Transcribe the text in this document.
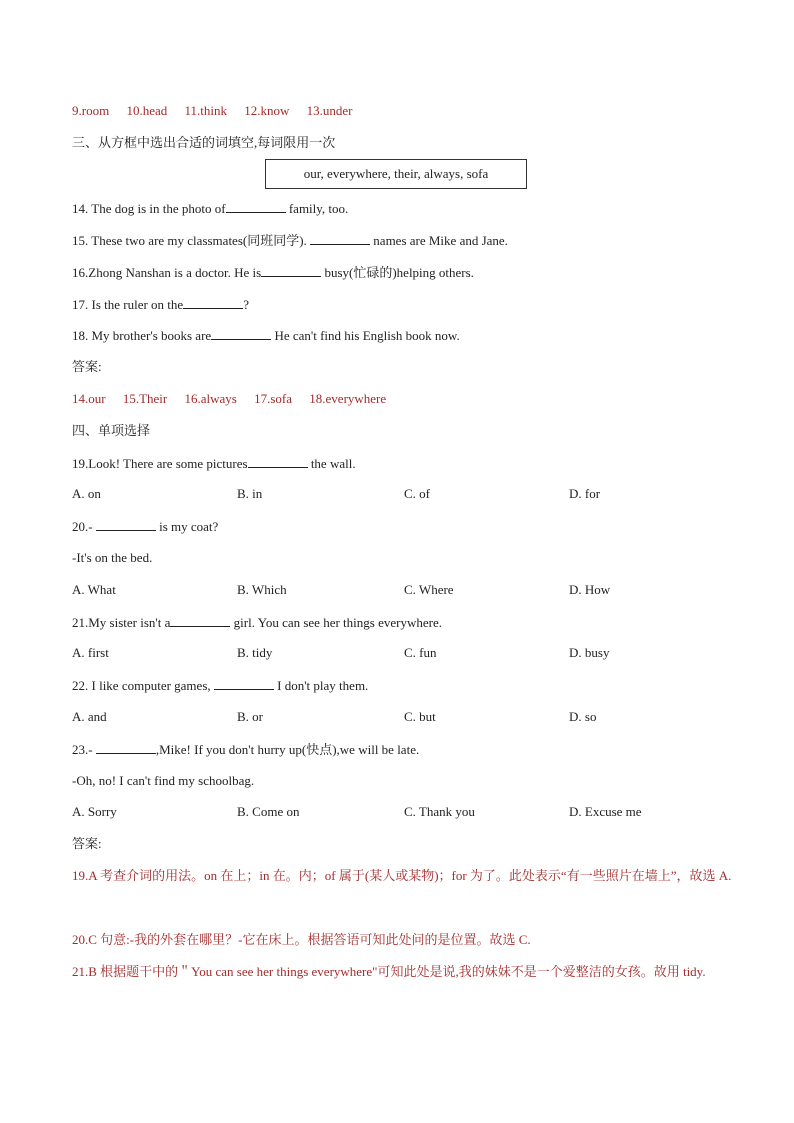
9.room 10.head 11.think 12.know 13.under
三、从方框中选出合适的词填空,每词限用一次
our, everywhere, their, always, sofa
14. The dog is in the photo of	family, too.
15. These two are my classmates(同班同学).	names are Mike and Jane.
16.Zhong Nanshan is a doctor. He is	busy(忙碌的)helping others.
17. Is the ruler on the	?
18. My brother's books are	He can't find his English book now.
答案:
14.our 15.Their 16.always 17.sofa 18.everywhere
四、单项选择
19.Look! There are some pictures	the wall.
A. on	B. in	C. of	D. for
20.-	is my coat?
-It's on the bed.
A. What	B. Which	C. Where	D. How
21.My sister isn't a	girl. You can see her things everywhere.
A. first	B. tidy	C. fun	D. busy
22. I like computer games,	I don't play them.
A. and	B. or	C. but	D. so
23.-	,Mike! If you don't hurry up(快点),we will be late.
-Oh, no! I can't find my schoolbag.
A. Sorry	B. Come on	C. Thank you	D. Excuse me
答案:
19.A 考查介词的用法。on 在上；in 在。内；of 属于(某人或某物)；for 为了。此处表示“有一些照片在墙上”，故选 A.
20.C 句意:-我的外套在哪里？-它在床上。根据答语可知此处问的是位置。故选 C.
21.B 根据题干中的＂You can see her things everywhere"可知此处是说,我的妹妹不是一个爱整洁的女孩。故用 tidy.
